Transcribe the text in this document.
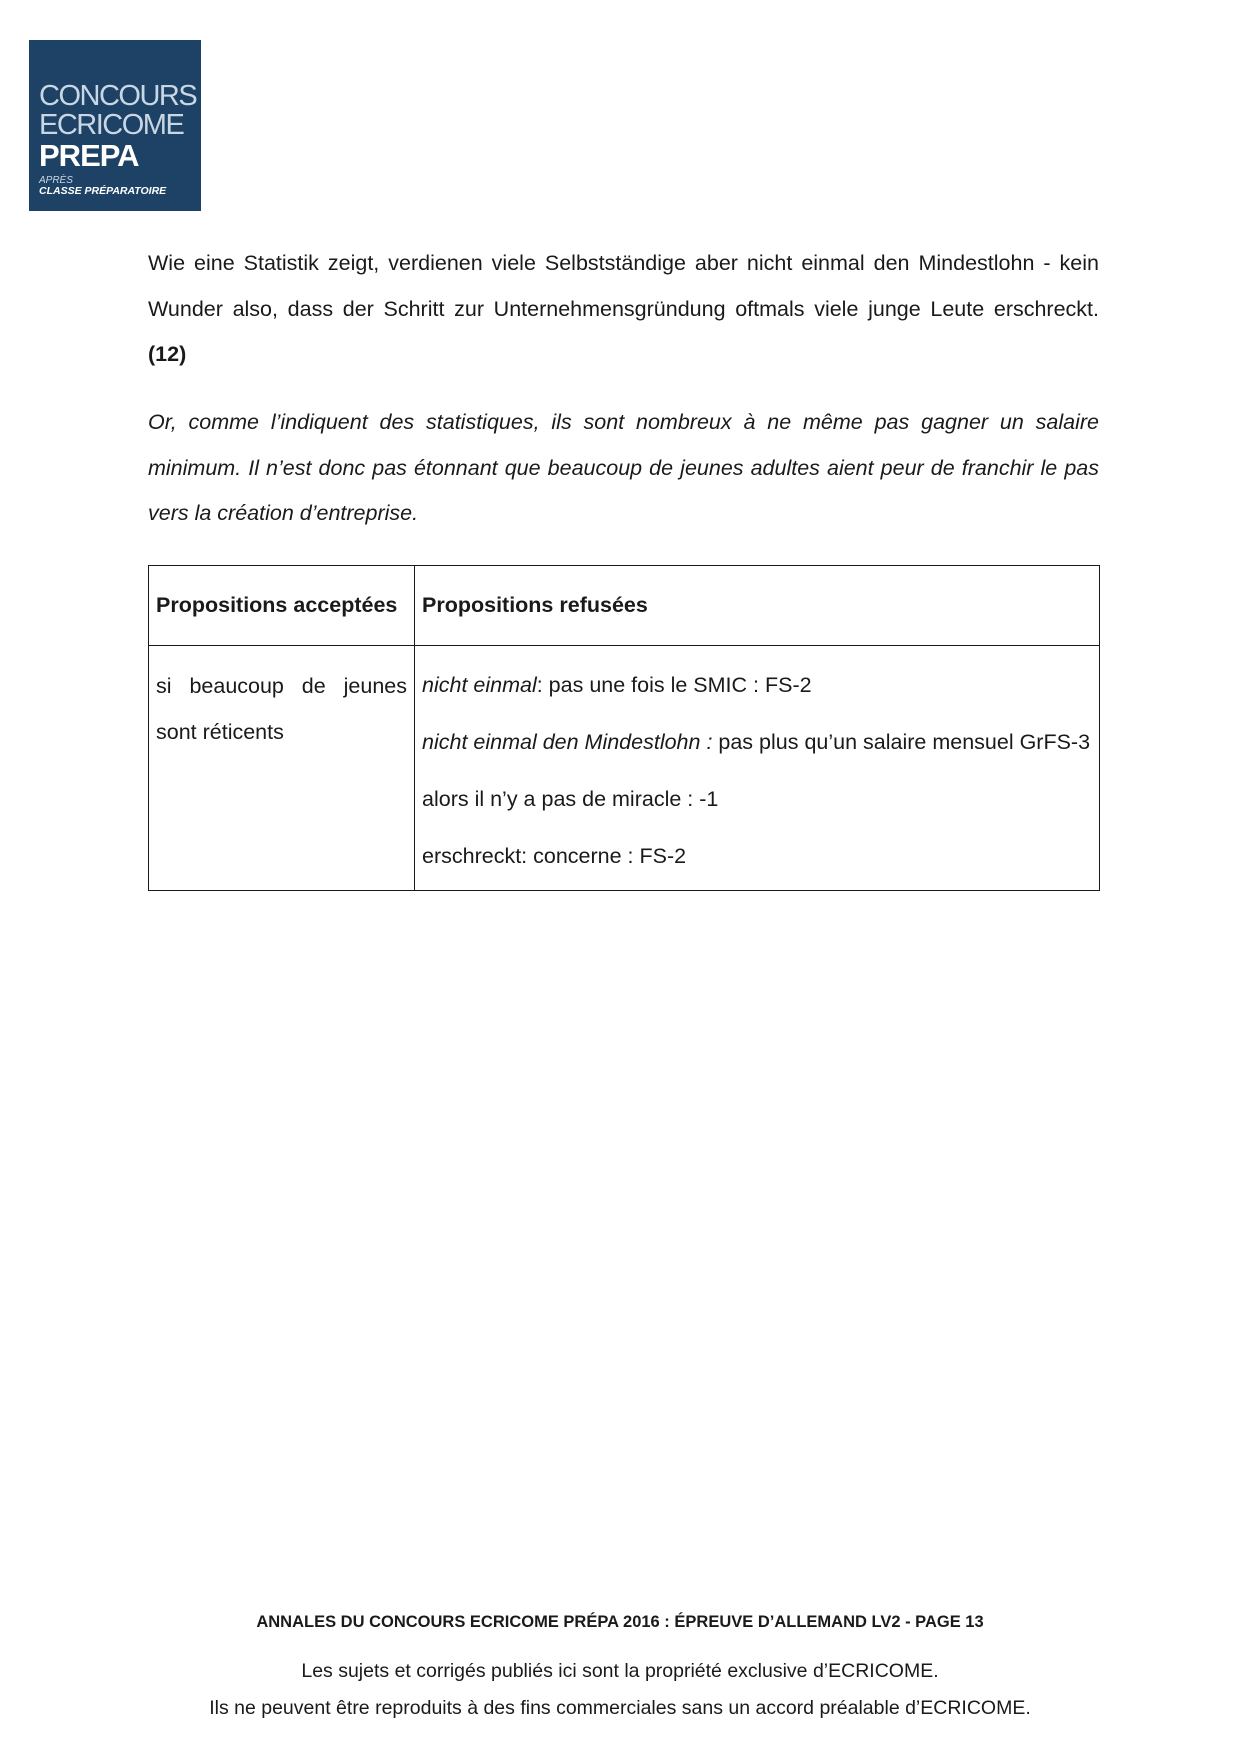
CONCOURS
ECRICOME
PREPA
APRÈS
CLASSE PRÉPARATOIRE

Wie eine Statistik zeigt, verdienen viele Selbstständige aber nicht einmal den Mindestlohn - kein Wunder also, dass der Schritt zur Unternehmensgründung oftmals viele junge Leute erschreckt. (12)

Or, comme l’indiquent des statistiques, ils sont nombreux à ne même pas gagner un salaire minimum. Il n’est donc pas étonnant que beaucoup de jeunes adultes aient peur de franchir le pas vers la création d’entreprise.

Propositions acceptées	Propositions refusées

si beaucoup de jeunes sont réticents	nicht einmal: pas une fois le SMIC : FS-2

nicht einmal den Mindestlohn : pas plus qu’un salaire mensuel GrFS-3

alors il n’y a pas de miracle : -1

erschreckt: concerne : FS-2

ANNALES DU CONCOURS ECRICOME PRÉPA 2016 : ÉPREUVE D’ALLEMAND LV2 - PAGE 13
Les sujets et corrigés publiés ici sont la propriété exclusive d’ECRICOME.
Ils ne peuvent être reproduits à des fins commerciales sans un accord préalable d’ECRICOME.
